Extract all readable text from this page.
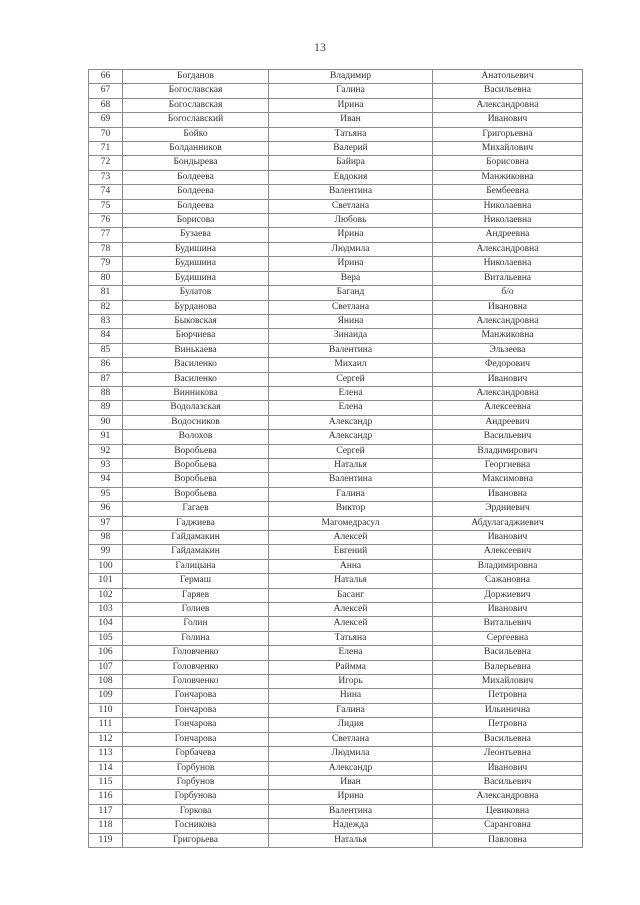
13
66	Богданов	Владимир	Анатольевич
67	Богославская	Галина	Васильевна
68	Богославская	Ирина	Александровна
69	Богославский	Иван	Иванович
70	Бойко	Татьяна	Григорьевна
71	Болданников	Валерий	Михайлович
72	Бондырева	Байира	Борисовна
73	Болдеева	Евдокия	Манжиковна
74	Болдеева	Валентина	Бембеевна
75	Болдеева	Светлана	Николаевна
76	Борисова	Любовь	Николаевна
77	Бузаева	Ирина	Андреевна
78	Будишина	Людмила	Александровна
79	Будишина	Ирина	Николаевна
80	Будишина	Вера	Витальевна
81	Булатов	Баганд	б/о
82	Бурданова	Светлана	Ивановна
83	Быковская	Янина	Александровна
84	Бюрчиева	Зинаида	Манжиковна
85	Винькаева	Валентина	Эльзеева
86	Василенко	Михаил	Федорович
87	Василенко	Сергей	Иванович
88	Винникова	Елена	Александровна
89	Водолазская	Елена	Алексеевна
90	Водосников	Александр	Андреевич
91	Волохов	Александр	Васильевич
92	Воробьева	Сергей	Владимирович
93	Воробьева	Наталья	Георгиевна
94	Воробьева	Валентина	Максимовна
95	Воробьева	Галина	Ивановна
96	Гагаев	Виктор	Эрдниевич
97	Гаджиева	Магомедрасул	Абдулагаджиевич
98	Гайдамакин	Алексей	Иванович
99	Гайдамакин	Евгений	Алексеевич
100	Галицына	Анна	Владимировна
101	Гермаш	Наталья	Сажановна
102	Гаряев	Басанг	Доржиевич
103	Голиев	Алексей	Иванович
104	Голин	Алексей	Витальевич
105	Голина	Татьяна	Сергеевна
106	Головченко	Елена	Васильевна
107	Головченко	Раймма	Валерьевна
108	Головченко	Игорь	Михайлович
109	Гончарова	Нина	Петровна
110	Гончарова	Галина	Ильинична
111	Гончарова	Лидия	Петровна
112	Гончарова	Светлана	Васильевна
113	Горбачева	Людмила	Леонтьевна
114	Горбунов	Александр	Иванович
115	Горбунов	Иван	Васильевич
116	Горбунова	Ирина	Александровна
117	Горкова	Валентина	Цевиковна
118	Госникова	Надежда	Саранговна
119	Григорьева	Наталья	Павловна
